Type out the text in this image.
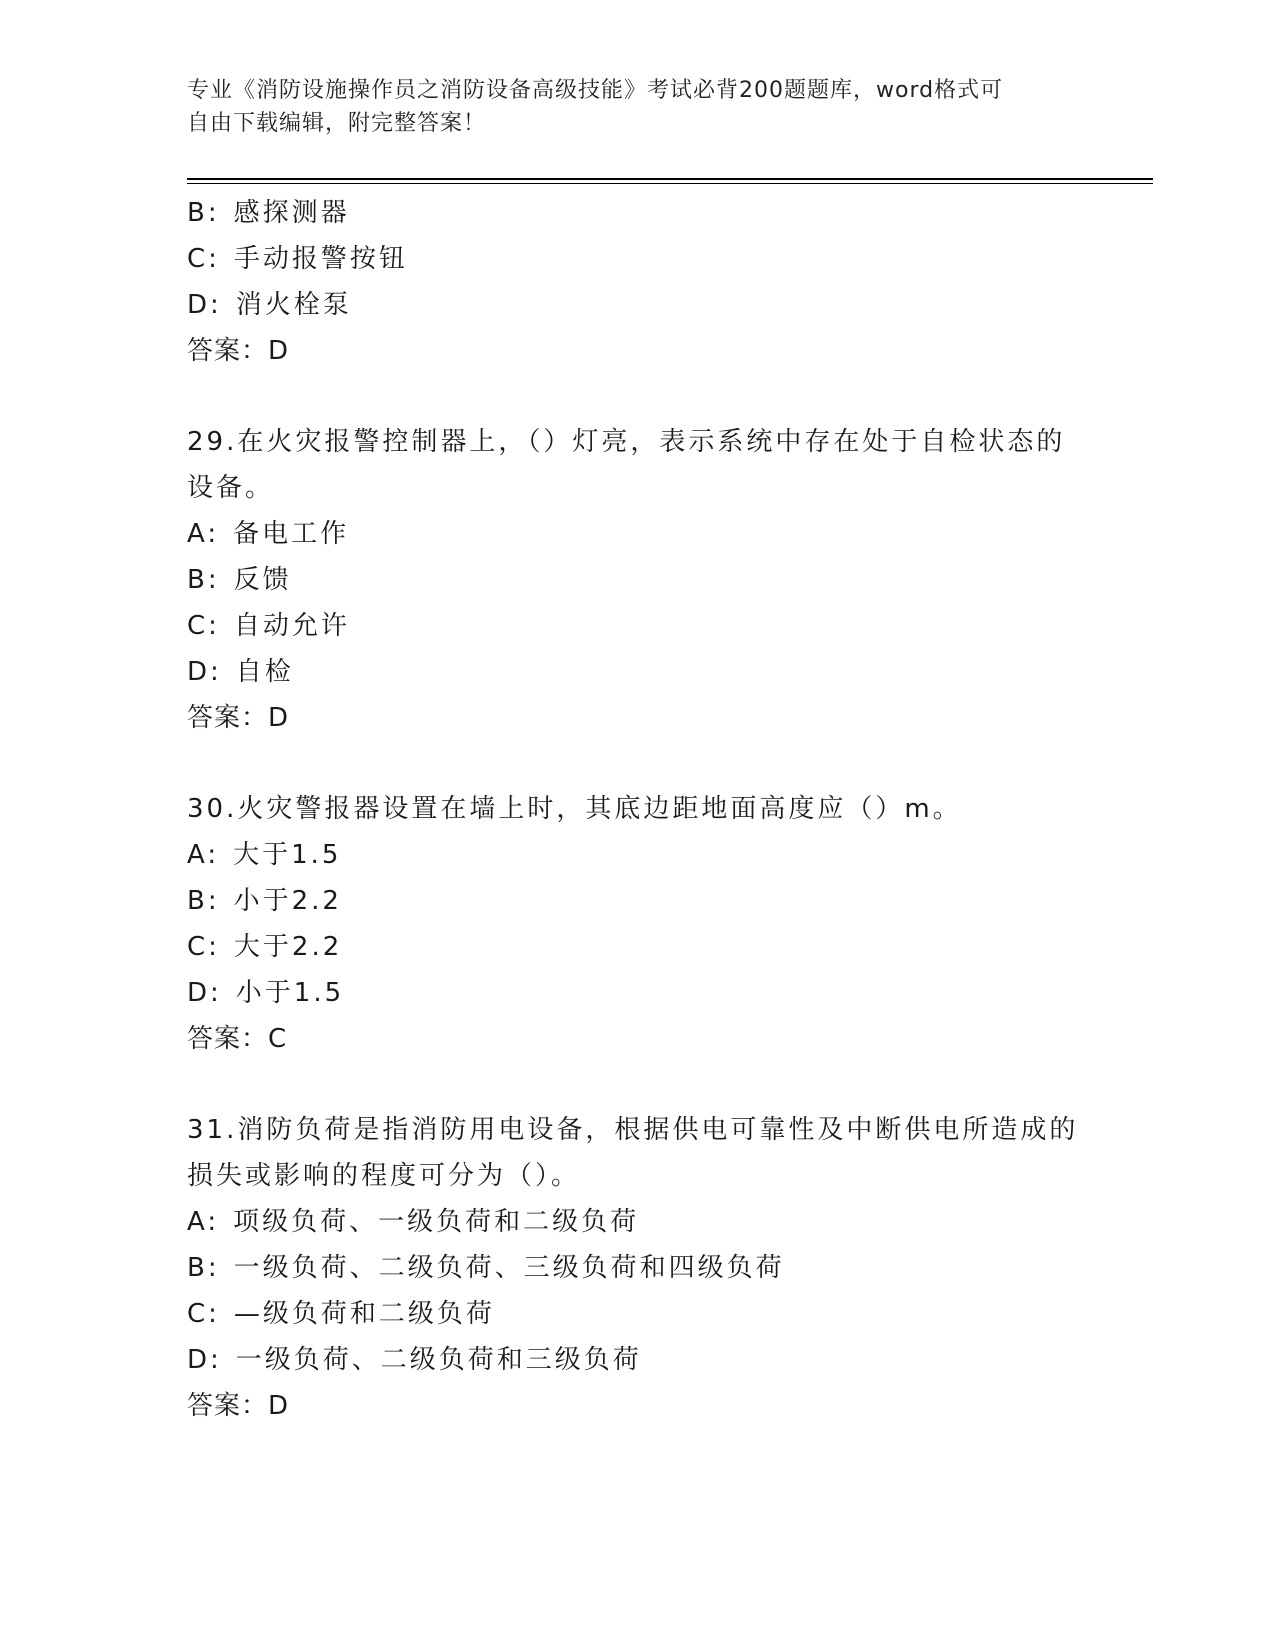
专业《消防设施操作员之消防设备高级技能》考试必背200题题库，word格式可
自由下载编辑，附完整答案！
B: 感探测器
C: 手动报警按钮
D: 消火栓泵
答案：D
29.在火灾报警控制器上，（）灯亮，表示系统中存在处于自检状态的
设备。
A: 备电工作
B: 反馈
C: 自动允许
D: 自检
答案：D
30.火灾警报器设置在墙上时，其底边距地面高度应（）m。
A: 大于1.5
B: 小于2.2
C: 大于2.2
D: 小于1.5
答案：C
31.消防负荷是指消防用电设备，根据供电可靠性及中断供电所造成的
损失或影响的程度可分为（）。
A: 项级负荷、一级负荷和二级负荷
B: 一级负荷、二级负荷、三级负荷和四级负荷
C: —级负荷和二级负荷
D: 一级负荷、二级负荷和三级负荷
答案：D
